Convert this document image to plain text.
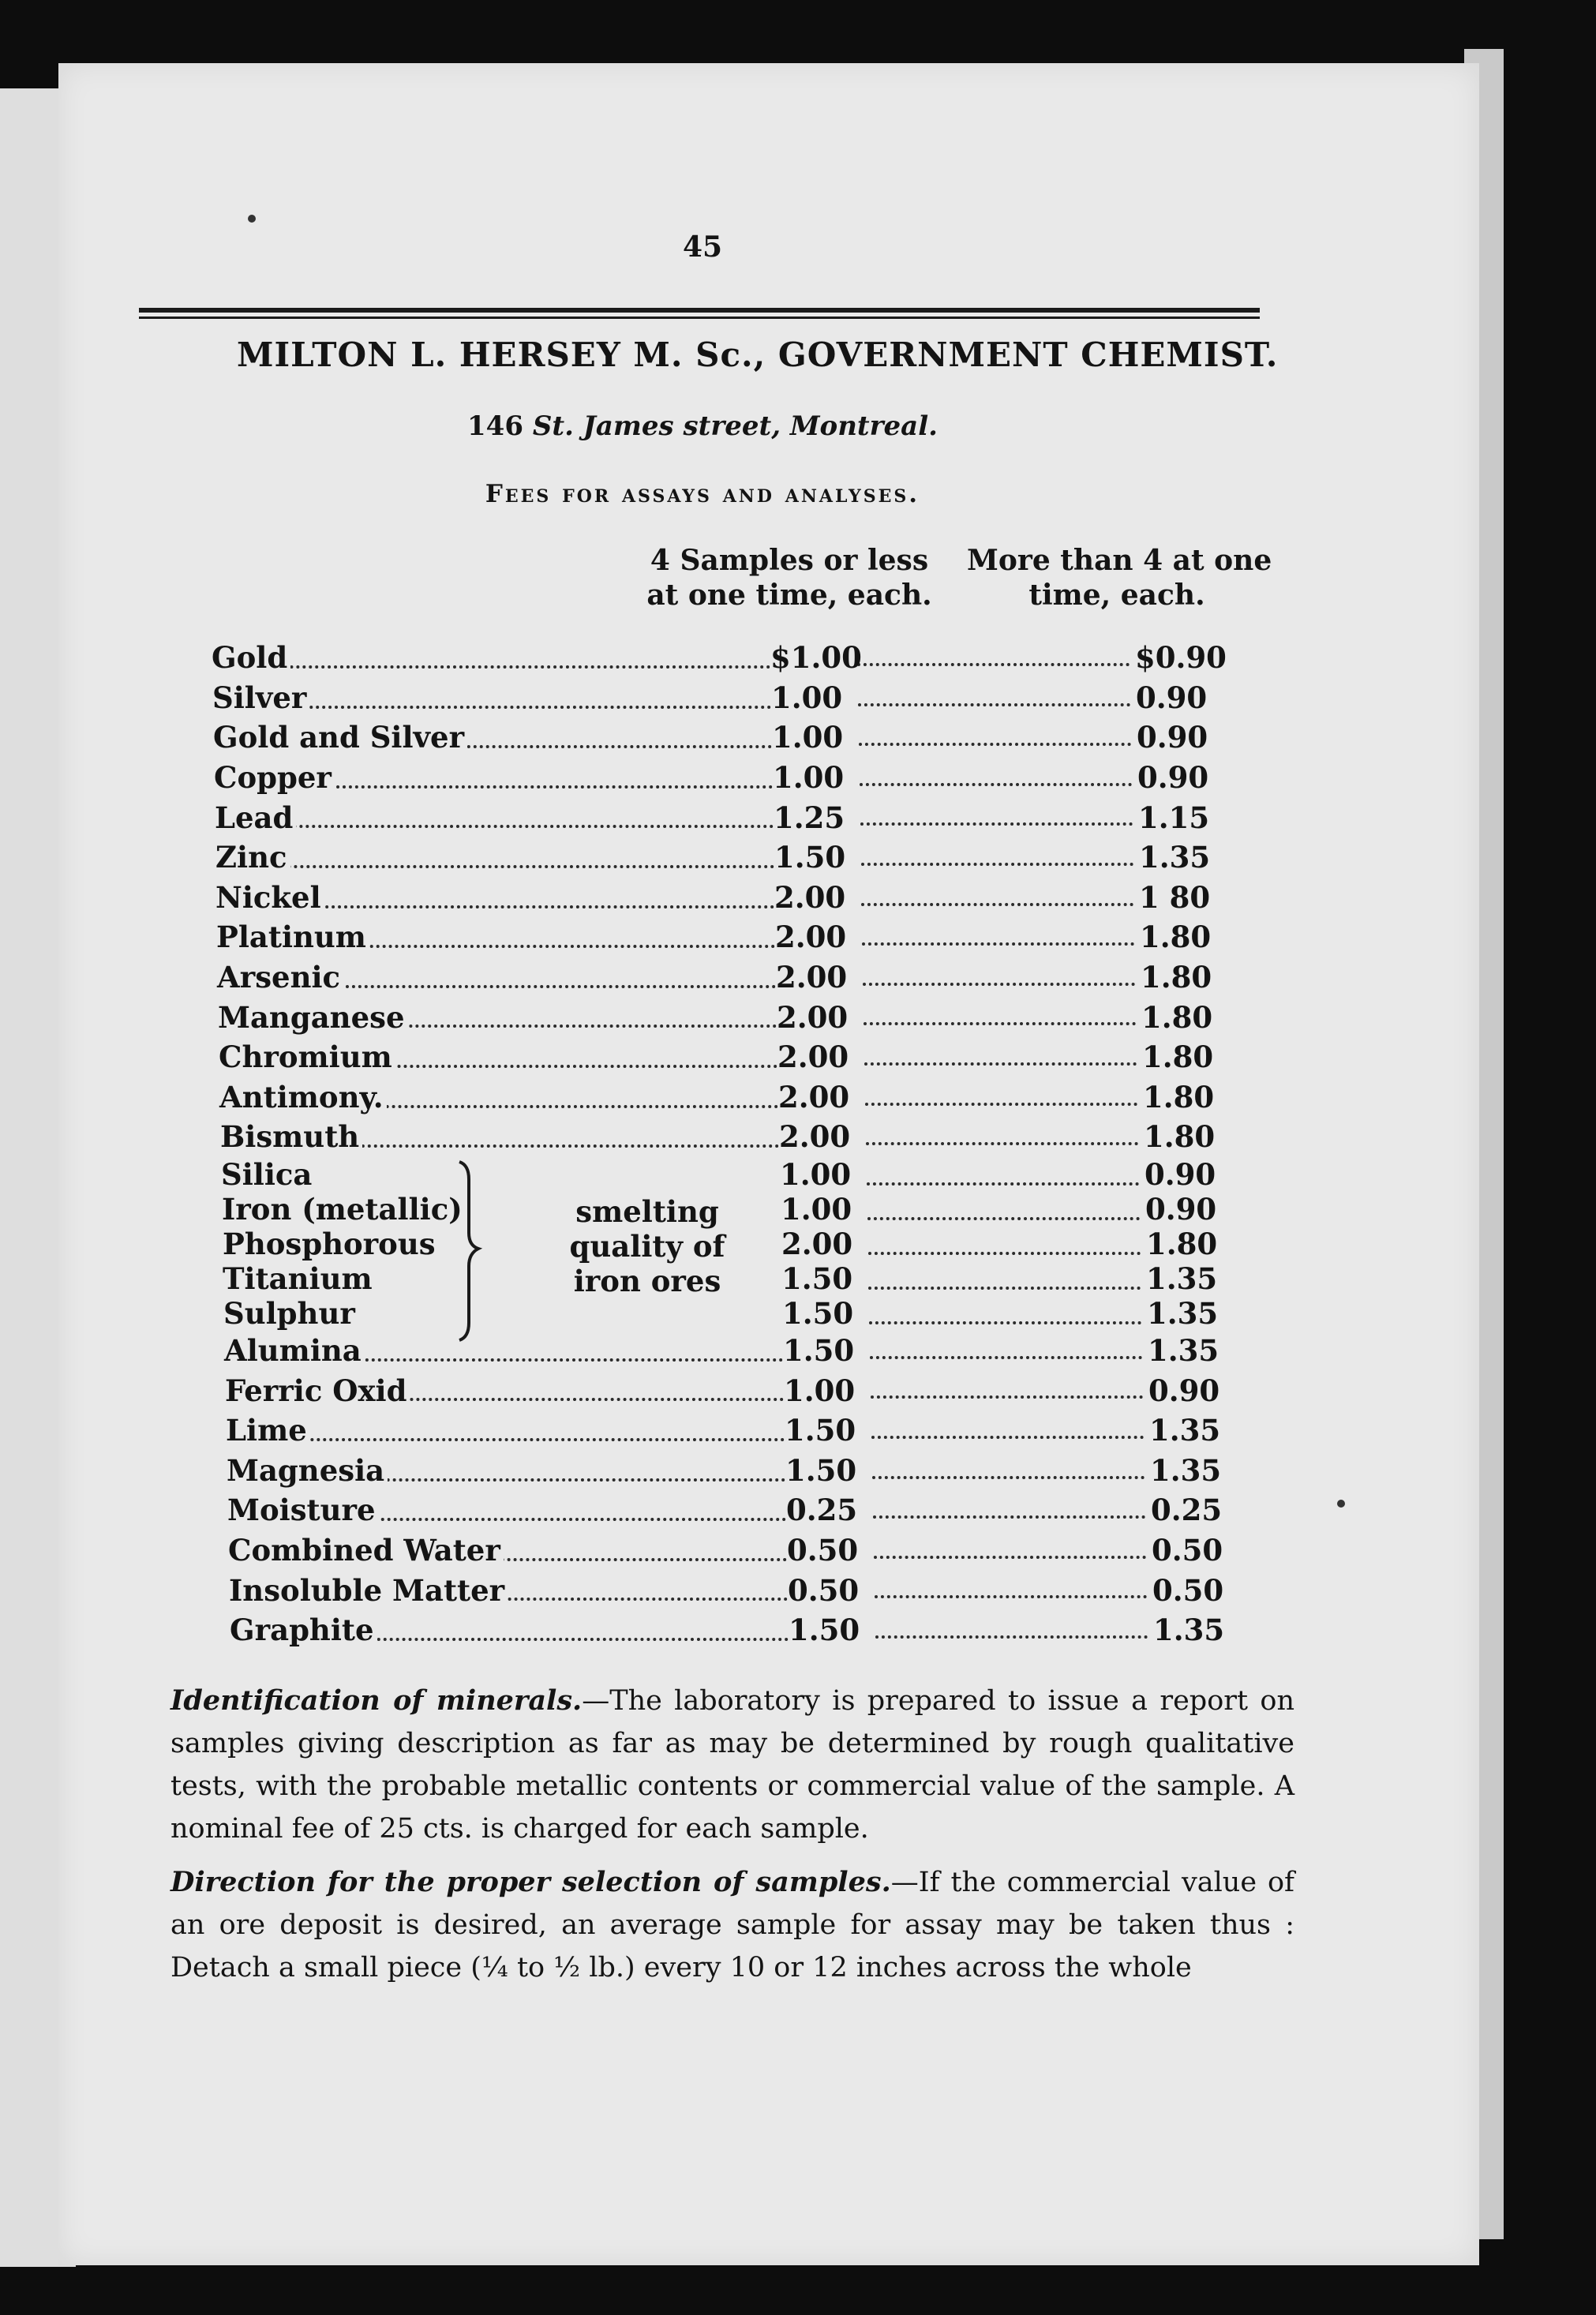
45
MILTON L. HERSEY M. Sc., GOVERNMENT CHEMIST.
146 St. James street, Montreal.
Fees for assays and analyses.
4 Samples or less
at one time, each.
More than 4 at one
time, each.
Gold	$1.00	$0.90
Silver	1.00	0.90
Gold and Silver	1.00	0.90
Copper	1.00	0.90
Lead	1.25	1.15
Zinc	1.50	1.35
Nickel	2.00	1 80
Platinum	2.00	1.80
Arsenic	2.00	1.80
Manganese	2.00	1.80
Chromium	2.00	1.80
Antimony.	2.00	1.80
Bismuth	2.00	1.80
Silica	1.00	0.90
Iron (metallic)	1.00	0.90
Phosphorous	2.00	1.80
Titanium	1.50	1.35
Sulphur	1.50	1.35
Alumina	1.50	1.35
Ferric Oxid	1.00	0.90
Lime	1.50	1.35
Magnesia	1.50	1.35
Moisture	0.25	0.25
Combined Water	0.50	0.50
Insoluble Matter	0.50	0.50
Graphite	1.50	1.35
smelting
quality of
iron ores
Identification of minerals.—The laboratory is prepared to issue a report on samples giving description as far as may be determined by rough qualitative tests, with the probable metallic contents or commercial value of the sample. A nominal fee of 25 cts. is charged for each sample.
Direction for the proper selection of samples.—If the commercial value of an ore deposit is desired, an average sample for assay may be taken thus : Detach a small piece (¼ to ½ lb.) every 10 or 12 inches across the whole
